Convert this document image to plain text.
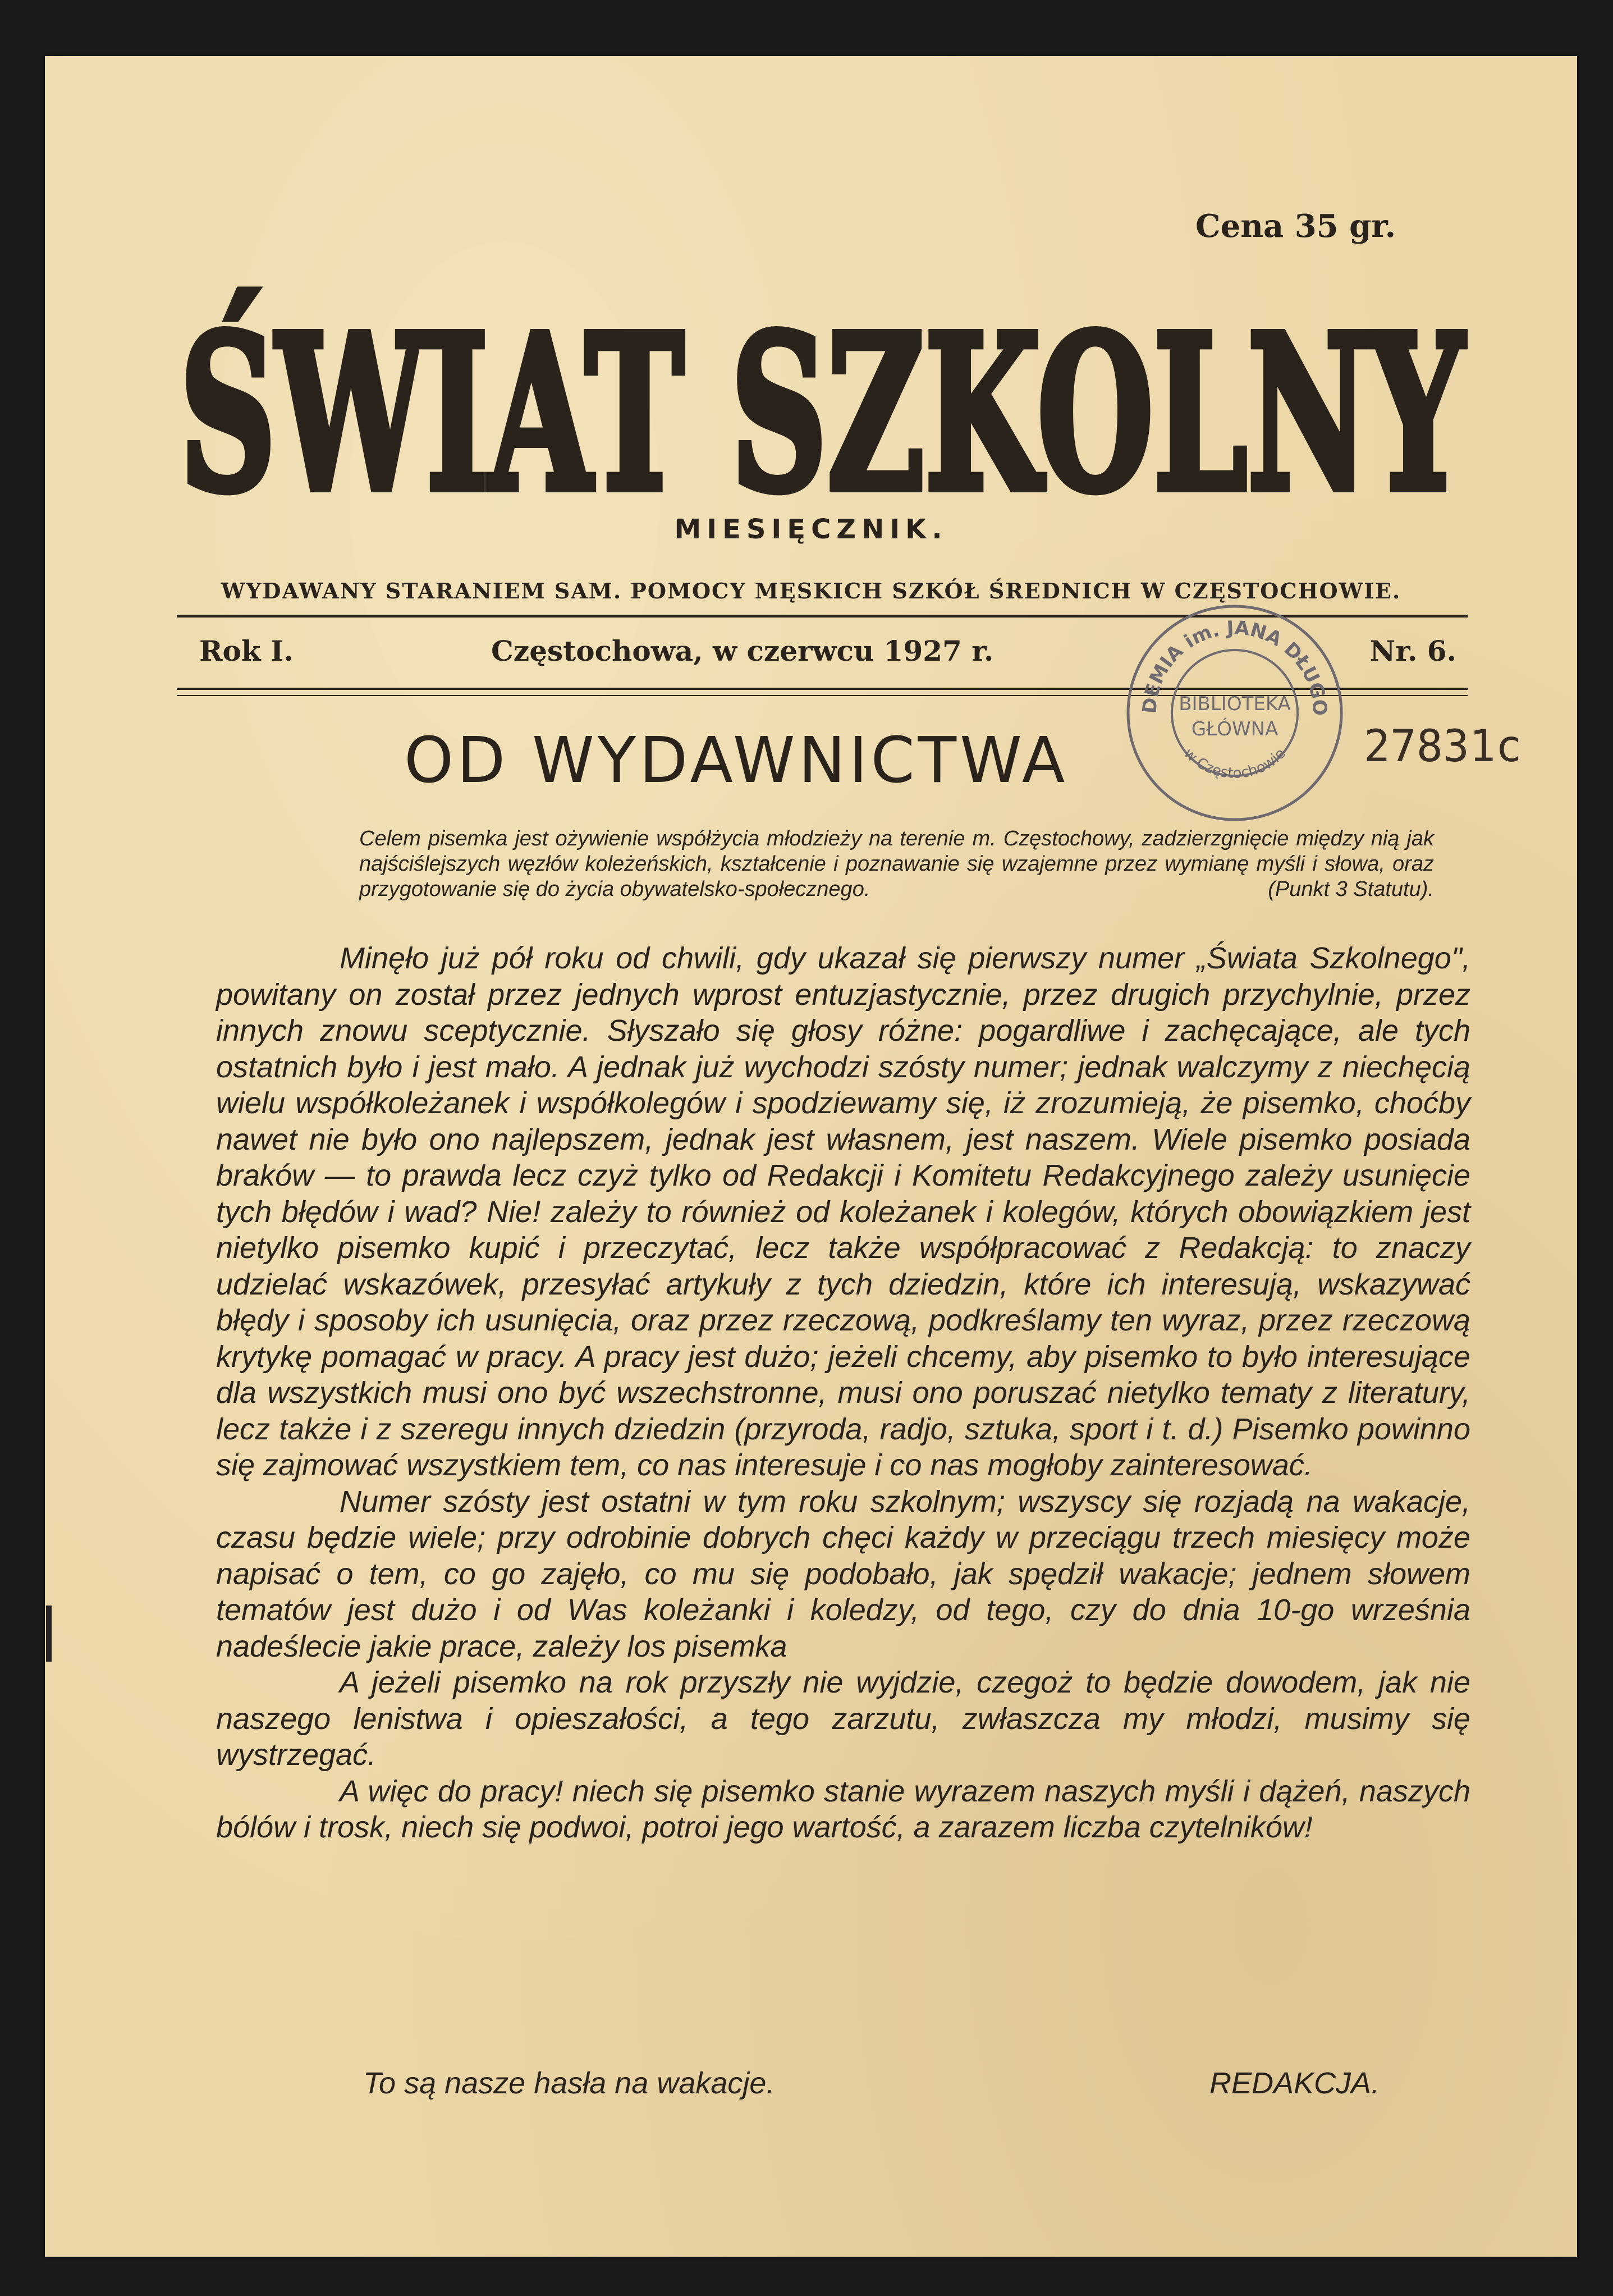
Cena 35 gr.
ŚWIAT SZKOLNY
MIESIĘCZNIK.
WYDAWANY STARANIEM SAM. POMOCY MĘSKICH SZKÓŁ ŚREDNICH W CZĘSTOCHOWIE.
Rok I.	Częstochowa, w czerwcu 1927 r.	Nr. 6.
OD WYDAWNICTWA
DEMIA im. JANA DŁUGO
w Częstochowie
BIBLIOTEKA
GŁÓWNA 27831c
Celem pisemka jest ożywienie współżycia młodzieży na terenie m. Częstochowy, zadzierzgnięcie między nią jak najściślejszych węzłów koleżeńskich, kształcenie i poznawanie się wzajemne przez wymianę myśli i słowa, oraz przygotowanie się do życia obywatelsko-społecznego.	(Punkt 3 Statutu).

Minęło już pół roku od chwili, gdy ukazał się pierwszy numer „Świata Szkolnego", powitany on został przez jednych wprost entuzjastycznie, przez drugich przychylnie, przez innych znowu sceptycznie. Słyszało się głosy różne: pogardliwe i zachęcające, ale tych ostatnich było i jest mało. A jednak już wychodzi szósty numer; jednak walczymy z niechęcią wielu współkoleżanek i współkolegów i spodziewamy się, iż zrozumieją, że pisemko, choćby nawet nie było ono najlepszem, jednak jest własnem, jest naszem. Wiele pisemko posiada braków — to prawda lecz czyż tylko od Redakcji i Komitetu Redakcyjnego zależy usunięcie tych błędów i wad? Nie! zależy to również od koleżanek i kolegów, których obowiązkiem jest nietylko pisemko kupić i przeczytać, lecz także współpracować z Redakcją: to znaczy udzielać wskazówek, przesyłać artykuły z tych dziedzin, które ich interesują, wskazywać błędy i sposoby ich usunięcia, oraz przez rzeczową, podkreślamy ten wyraz, przez rzeczową krytykę pomagać w pracy. A pracy jest dużo; jeżeli chcemy, aby pisemko to było interesujące dla wszystkich musi ono być wszechstronne, musi ono poruszać nietylko tematy z literatury, lecz także i z szeregu innych dziedzin (przyroda, radjo, sztuka, sport i t. d.) Pisemko powinno się zajmować wszystkiem tem, co nas interesuje i co nas mogłoby zainteresować.

Numer szósty jest ostatni w tym roku szkolnym; wszyscy się rozjadą na wakacje, czasu będzie wiele; przy odrobinie dobrych chęci każdy w przeciągu trzech miesięcy może napisać o tem, co go zajęło, co mu się podobało, jak spędził wakacje; jednem słowem tematów jest dużo i od Was koleżanki i koledzy, od tego, czy do dnia 10-go września nadeślecie jakie prace, zależy los pisemka

A jeżeli pisemko na rok przyszły nie wyjdzie, czegoż to będzie dowodem, jak nie naszego lenistwa i opieszałości, a tego zarzutu, zwłaszcza my młodzi, musimy się wystrzegać.

A więc do pracy! niech się pisemko stanie wyrazem naszych myśli i dążeń, naszych bólów i trosk, niech się podwoi, potroi jego wartość, a zarazem liczba czytelników!

To są nasze hasła na wakacje.	REDAKCJA.
